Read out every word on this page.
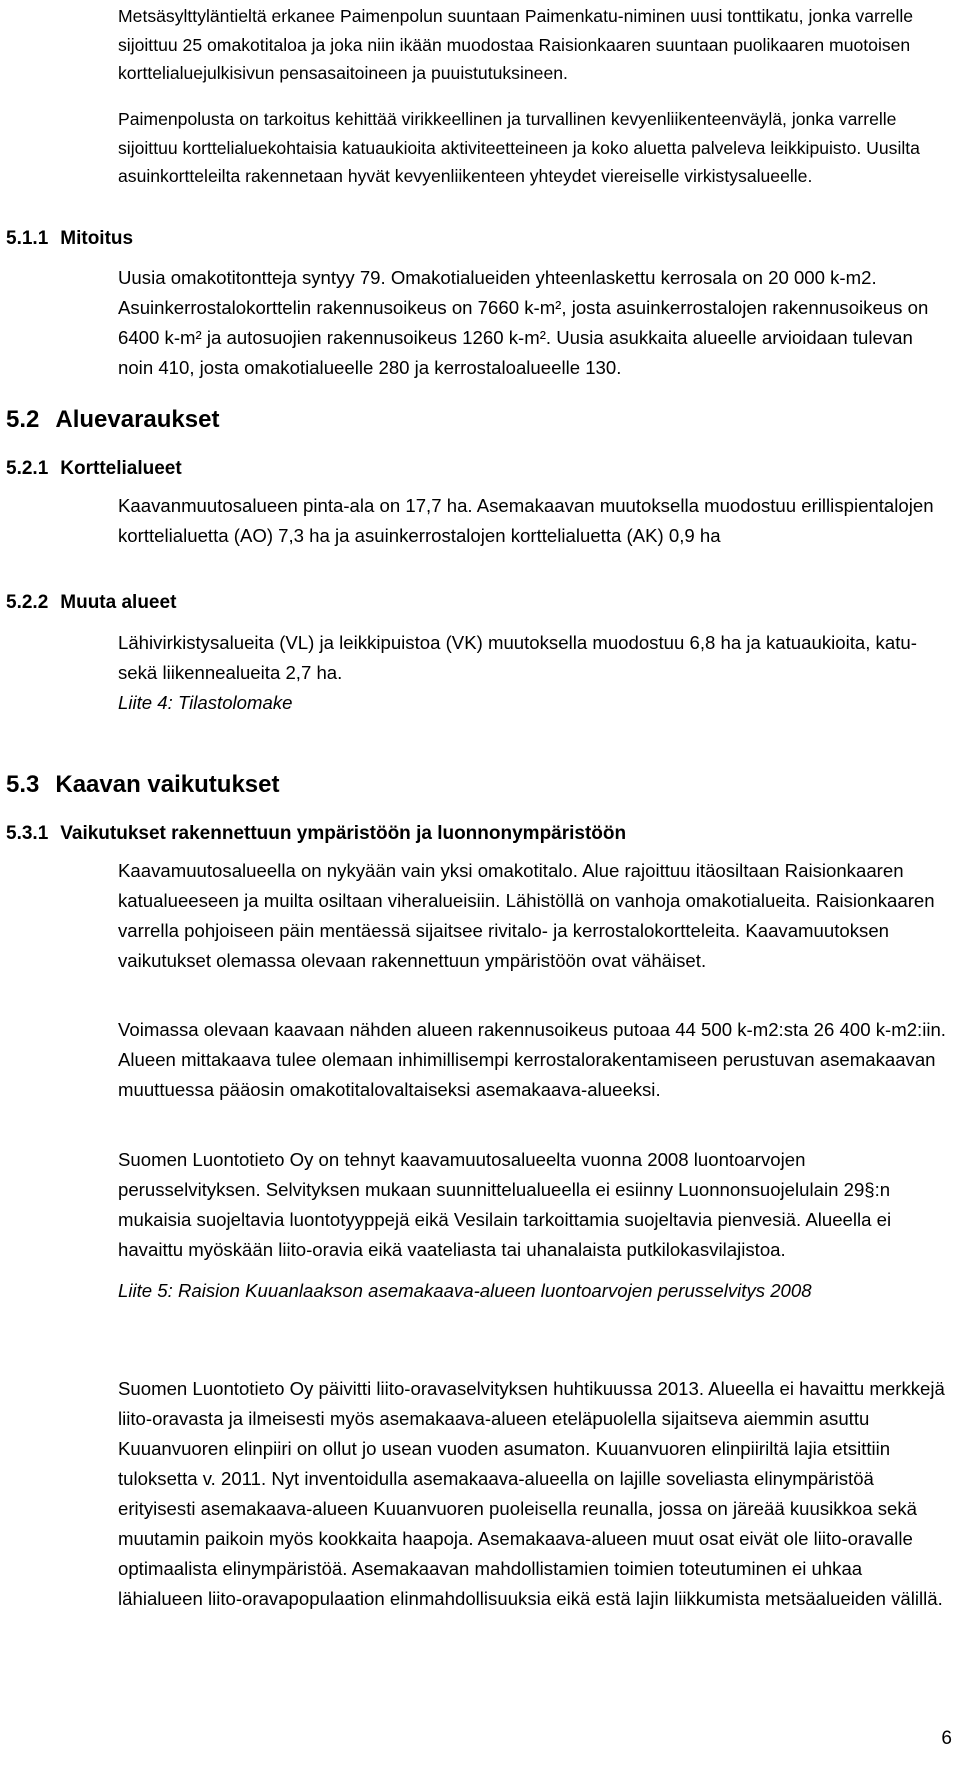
Metsäsylttyläntieltä erkanee Paimenpolun suuntaan Paimenkatu-niminen uusi tonttikatu, jonka varrelle sijoittuu 25 omakotitaloa ja joka niin ikään muodostaa Raisionkaaren suuntaan puolikaaren muotoisen korttelialuejulkisivun pensasaitoineen ja puuistutuksineen.

Paimenpolusta on tarkoitus kehittää virikkeellinen ja turvallinen kevyenliikenteenväylä, jonka varrelle sijoittuu korttelialuekohtaisia katuaukioita aktiviteetteineen ja koko aluetta palveleva leikkipuisto. Uusilta asuinkortteleilta rakennetaan hyvät kevyenliikenteen yhteydet viereiselle virkistysalueelle.

5.1.1 Mitoitus

Uusia omakotitontteja syntyy 79. Omakotialueiden yhteenlaskettu kerrosala on 20 000 k-m2. Asuinkerrostalokorttelin rakennusoikeus on 7660 k-m², josta asuinkerrostalojen rakennusoikeus on 6400 k-m² ja autosuojien rakennusoikeus 1260 k-m². Uusia asukkaita alueelle arvioidaan tulevan noin 410, josta omakotialueelle 280 ja kerrostaloalueelle 130.

5.2 Aluevaraukset
5.2.1 Korttelialueet

Kaavanmuutosalueen pinta-ala on 17,7 ha. Asemakaavan muutoksella muodostuu erillispientalojen korttelialuetta (AO) 7,3 ha ja asuinkerrostalojen korttelialuetta (AK) 0,9 ha

5.2.2 Muuta alueet

Lähivirkistysalueita (VL) ja leikkipuistoa (VK) muutoksella muodostuu 6,8 ha ja katuaukioita, katu- sekä liikennealueita 2,7 ha.

Liite 4: Tilastolomake

5.3 Kaavan vaikutukset
5.3.1 Vaikutukset rakennettuun ympäristöön ja luonnonympäristöön

Kaavamuutosalueella on nykyään vain yksi omakotitalo. Alue rajoittuu itäosiltaan Raisionkaaren katualueeseen ja muilta osiltaan viheralueisiin. Lähistöllä on vanhoja omakotialueita. Raisionkaaren varrella pohjoiseen päin mentäessä sijaitsee rivitalo- ja kerrostalokortteleita. Kaavamuutoksen vaikutukset olemassa olevaan rakennettuun ympäristöön ovat vähäiset.

Voimassa olevaan kaavaan nähden alueen rakennusoikeus putoaa 44 500 k-m2:sta 26 400 k-m2:iin. Alueen mittakaava tulee olemaan inhimillisempi kerrostalorakentamiseen perustuvan asemakaavan muuttuessa pääosin omakotitalovaltaiseksi asemakaava-alueeksi.

Suomen Luontotieto Oy on tehnyt kaavamuutosalueelta vuonna 2008 luontoarvojen perusselvityksen. Selvityksen mukaan suunnittelualueella ei esiinny Luonnonsuojelulain 29§:n mukaisia suojeltavia luontotyyppejä eikä Vesilain tarkoittamia suojeltavia pienvesiä. Alueella ei havaittu myöskään liito-oravia eikä vaateliasta tai uhanalaista putkilokasvilajistoa.

Liite 5: Raision Kuuanlaakson asemakaava-alueen luontoarvojen perusselvitys 2008

Suomen Luontotieto Oy päivitti liito-oravaselvityksen huhtikuussa 2013. Alueella ei havaittu merkkejä liito-oravasta ja ilmeisesti myös asemakaava-alueen eteläpuolella sijaitseva aiemmin asuttu Kuuanvuoren elinpiiri on ollut jo usean vuoden asumaton. Kuuanvuoren elinpiiriltä lajia etsittiin tuloksetta v. 2011. Nyt inventoidulla asemakaava-alueella on lajille soveliasta elinympäristöä erityisesti asemakaava-alueen Kuuanvuoren puoleisella reunalla, jossa on järeää kuusikkoa sekä muutamin paikoin myös kookkaita haapoja. Asemakaava-alueen muut osat eivät ole liito-oravalle optimaalista elinympäristöä. Asemakaavan mahdollistamien toimien toteutuminen ei uhkaa lähialueen liito-oravapopulaation elinmahdollisuuksia eikä estä lajin liikkumista metsäalueiden välillä.

6
